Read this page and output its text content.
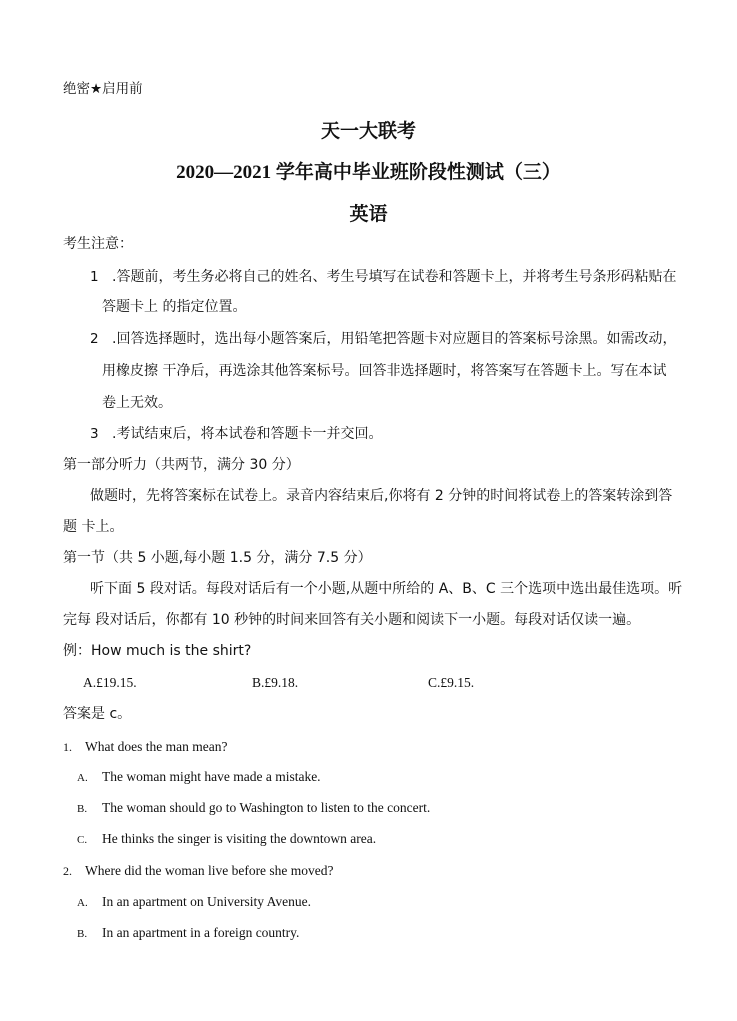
绝密★启用前
天一大联考
2020—2021 学年高中毕业班阶段性测试（三）
英语
考生注意：
1 .答题前，考生务必将自己的姓名、考生号填写在试卷和答题卡上，并将考生号条形码粘贴在
答题卡上 的指定位置。
2 .回答选择题时，选出每小题答案后，用铅笔把答题卡对应题目的答案标号涂黑。如需改动，
用橡皮擦 干净后，再选涂其他答案标号。回答非选择题时，将答案写在答题卡上。写在本试
卷上无效。
3 .考试结束后，将本试卷和答题卡一并交回。
第一部分听力（共两节，满分 30 分）
做题时，先将答案标在试卷上。录音内容结束后,你将有 2 分钟的时间将试卷上的答案转涂到答
题 卡上。
第一节（共 5 小题,每小题 1.5 分，满分 7.5 分）
听下面 5 段对话。每段对话后有一个小题,从题中所给的 A、B、C 三个选项中选出最佳选项。听
完每 段对话后，你都有 10 秒钟的时间来回答有关小题和阅读下一小题。每段对话仅读一遍。
例：How much is the shirt?
A.£19.15.	B.£9.18.	C.£9.15.
答案是 c。
1. What does the man mean?
A. The woman might have made a mistake.
B. The woman should go to Washington to listen to the concert.
C. He thinks the singer is visiting the downtown area.
2. Where did the woman live before she moved?
A. In an apartment on University Avenue.
B. In an apartment in a foreign country.
